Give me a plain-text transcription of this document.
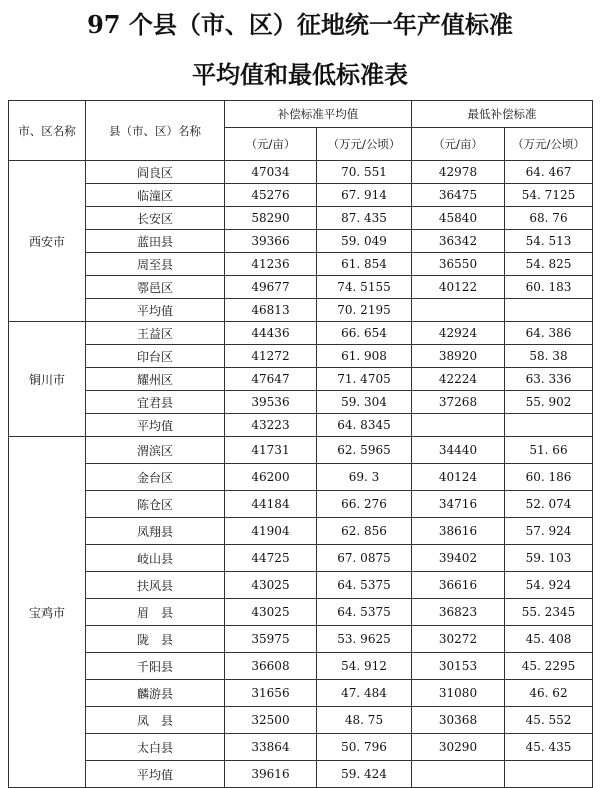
97 个县（市、区）征地统一年产值标准
平均值和最低标准表
市、区名称	县（市、区）名称	补偿标准平均值		最低补偿标准	
		（元/亩）	（万元/公顷）	（元/亩）	（万元/公顷）
西安市	阎良区	47034	70. 551	42978	64. 467
	临潼区	45276	67. 914	36475	54. 7125
	长安区	58290	87. 435	45840	68. 76
	蓝田县	39366	59. 049	36342	54. 513
	周至县	41236	61. 854	36550	54. 825
	鄠邑区	49677	74. 5155	40122	60. 183
	平均值	46813	70. 2195		
铜川市	王益区	44436	66. 654	42924	64. 386
	印台区	41272	61. 908	38920	58. 38
	耀州区	47647	71. 4705	42224	63. 336
	宜君县	39536	59. 304	37268	55. 902
	平均值	43223	64. 8345		
宝鸡市	渭滨区	41731	62. 5965	34440	51. 66
	金台区	46200	69. 3	40124	60. 186
	陈仓区	44184	66. 276	34716	52. 074
	凤翔县	41904	62. 856	38616	57. 924
	岐山县	44725	67. 0875	39402	59. 103
	扶风县	43025	64. 5375	36616	54. 924
	眉　县	43025	64. 5375	36823	55. 2345
	陇　县	35975	53. 9625	30272	45. 408
	千阳县	36608	54. 912	30153	45. 2295
	麟游县	31656	47. 484	31080	46. 62
	凤　县	32500	48. 75	30368	45. 552
	太白县	33864	50. 796	30290	45. 435
	平均值	39616	59. 424		
